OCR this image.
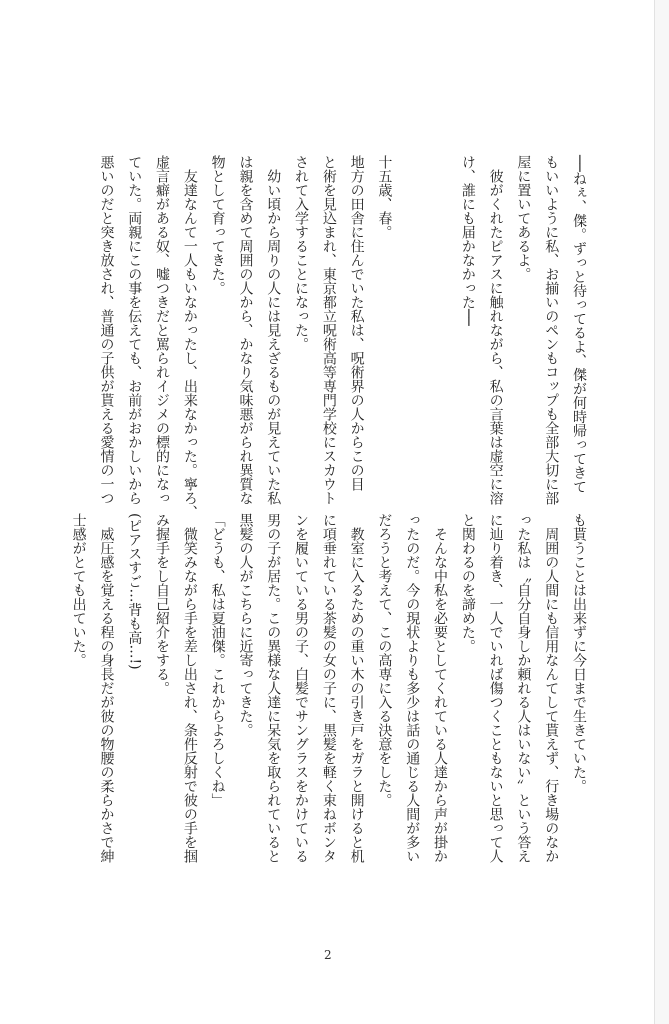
──ねぇ、傑。ずっと待ってるよ、傑が何時帰ってきて
もいいように私、お揃いのペンもコップも全部大切に部
屋に置いてあるよ。
　彼がくれたピアスに触れながら、私の言葉は虚空に溶
け、誰にも届かなかった──
十五歳、春。
地方の田舎に住んでいた私は、呪術界の人からこの目
と術を見込まれ、東京都立呪術高等専門学校にスカウト
されて入学することになった。
　幼い頃から周りの人には見えざるものが見えていた私
は親を含めて周囲の人から、かなり気味悪がられ異質な
物として育ってきた。
　友達なんて一人もいなかったし、出来なかった。寧ろ、
虚言癖がある奴、嘘つきだと罵られイジメの標的になっ
ていた。両親にこの事を伝えても、お前がおかしいから
悪いのだと突き放され、普通の子供が貰える愛情の一つ
も貰うことは出来ずに今日まで生きていた。
　周囲の人間にも信用なんてして貰えず、行き場のなか
った私は〝自分自身しか頼れる人はいない〟という答え
に辿り着き、一人でいれば傷つくこともないと思って人
と関わるのを諦めた。
　そんな中私を必要としてくれている人達から声が掛か
ったのだ。今の現状よりも多少は話の通じる人間が多い
だろうと考えて、この高専に入る決意をした。
　教室に入るための重い木の引き戸をガラと開けると机
に項垂れている茶髪の女の子に、黒髪を軽く束ねボンタ
ンを履いている男の子、白髪でサングラスをかけている
男の子が居た。この異様な人達に呆気を取られていると
黒髪の人がこちらに近寄ってきた。
「どうも、私は夏油傑。これからよろしくね」
　微笑みながら手を差し出され、条件反射で彼の手を掴
み握手をし自己紹介をする。
(ピアスすご…背も高…!)
　威圧感を覚える程の身長だが彼の物腰の柔らかさで紳
士感がとても出ていた。
2
